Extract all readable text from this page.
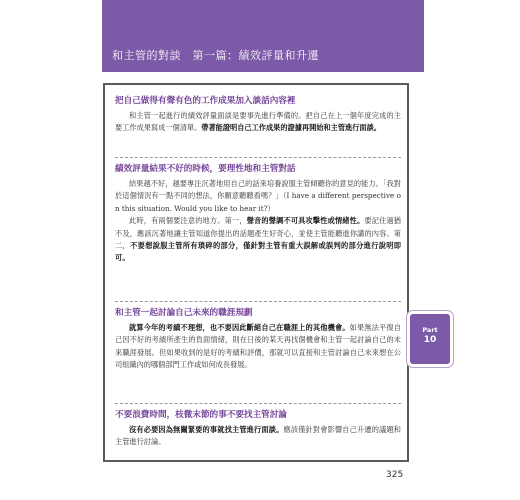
和主管的對談　第一篇：績效評量和升遷
把自己做得有聲有色的工作成果加入談話內容裡
和主管一起進行的績效評量面談是要事先進行準備的。把自己在上一個年度完成的主要工作成果寫成一個清單。帶著能證明自己工作成果的證據再開始和主管進行面談。
績效評量結果不好的時候，要理性地和主管對話
結果越不好，越要專注沉著地用自己的話來培養說服主管傾聽你的意見的能力。「我對於這個情況有一點不同的想法，你願意聽聽看嗎？」（I have a different perspective on this situation. Would you like to hear it?）
此時，有兩個要注意的地方。第一，聲音的聲調不可具攻擊性或情緒性。要記住過猶不及，應該沉著地讓主管知道你提出的話題產生好奇心，並使主管能聽進你講的內容。第二，不要想說服主管所有瑣碎的部分，僅針對主管有重大誤解或誤判的部分進行說明即可。
和主管一起討論自己未來的職涯規劃
就算今年的考績不理想，也不要因此斷絕自己在職涯上的其他機會。如果無法平復自己因不好的考績所產生的負面情緒，則在日後的某天再找個機會和主管一起討論自己的未來職涯發展。但如果收到的是好的考績和評價，那就可以直接和主管討論自己未來想在公司組織內的哪個部門工作或如何成長發展。
不要浪費時間，枝微末節的事不要找主管討論
沒有必要因為無關緊要的事就找主管進行面談。應該僅針對會影響自己升遷的議題和主管進行討論。
Part
10
325
